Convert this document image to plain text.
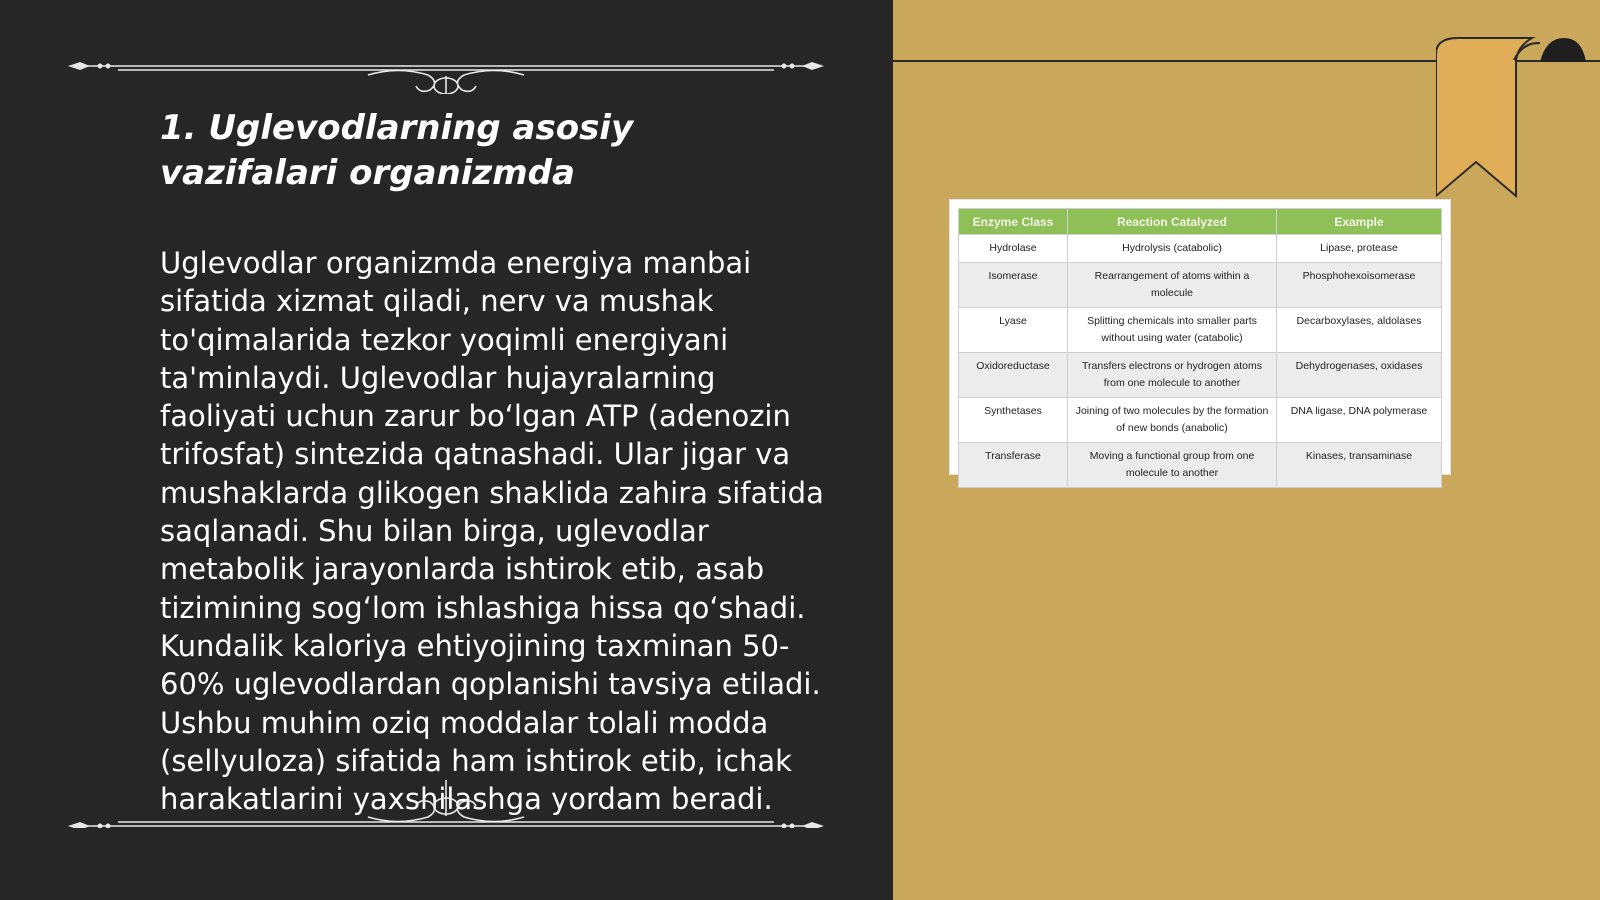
1. Uglevodlarning asosiy vazifalari organizmda

Uglevodlar organizmda energiya manbai sifatida xizmat qiladi, nerv va mushak to'qimalarida tezkor yoqimli energiyani ta'minlaydi. Uglevodlar hujayralarning faoliyati uchun zarur bo‘lgan ATP (adenozin trifosfat) sintezida qatnashadi. Ular jigar va mushaklarda glikogen shaklida zahira sifatida saqlanadi. Shu bilan birga, uglevodlar metabolik jarayonlarda ishtirok etib, asab tizimining sog‘lom ishlashiga hissa qo‘shadi. Kundalik kaloriya ehtiyojining taxminan 50-60% uglevodlardan qoplanishi tavsiya etiladi. Ushbu muhim oziq moddalar tolali modda (sellyuloza) sifatida ham ishtirok etib, ichak harakatlarini yaxshilashga yordam beradi.

Enzyme Class	Reaction Catalyzed	Example
Hydrolase	Hydrolysis (catabolic)	Lipase, protease
Isomerase	Rearrangement of atoms within a molecule	Phosphohexoisomerase
Lyase	Splitting chemicals into smaller parts without using water (catabolic)	Decarboxylases, aldolases
Oxidoreductase	Transfers electrons or hydrogen atoms from one molecule to another	Dehydrogenases, oxidases
Synthetases	Joining of two molecules by the formation of new bonds (anabolic)	DNA ligase, DNA polymerase
Transferase	Moving a functional group from one molecule to another	Kinases, transaminase
